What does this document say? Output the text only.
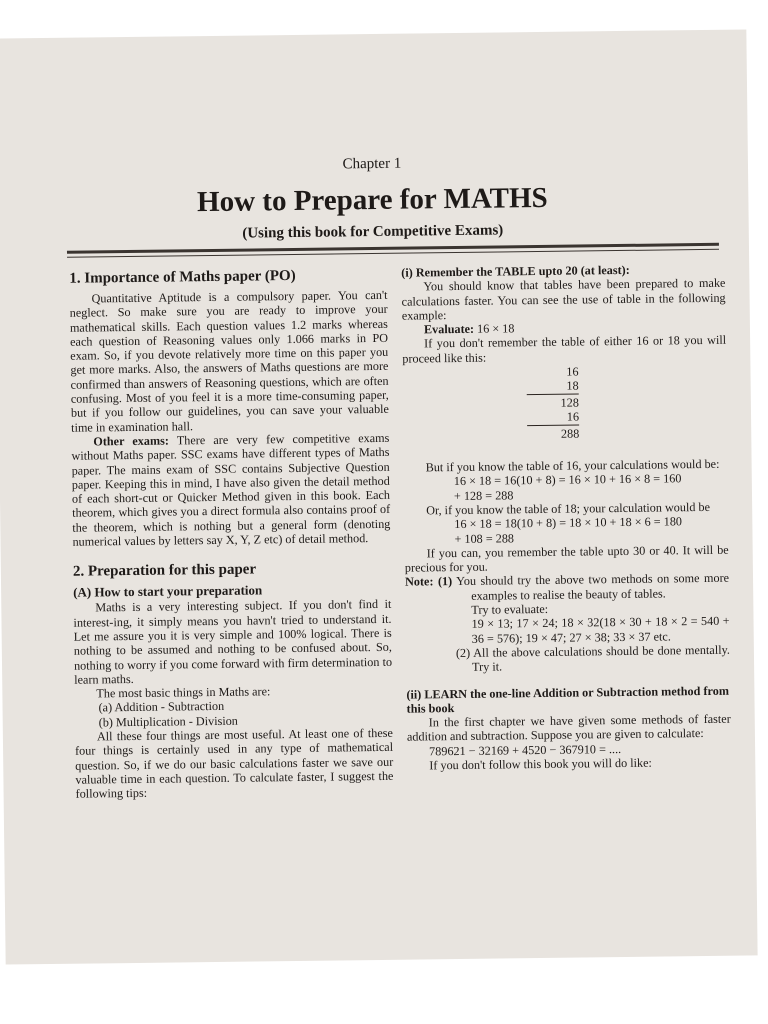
Chapter 1
How to Prepare for MATHS
(Using this book for Competitive Exams)
1. Importance of Maths paper (PO)

Quantitative Aptitude is a compulsory paper. You can't neglect. So make sure you are ready to improve your mathematical skills. Each question values 1.2 marks whereas each question of Reasoning values only 1.066 marks in PO exam. So, if you devote relatively more time on this paper you get more marks. Also, the answers of Maths questions are more confirmed than answers of Reasoning questions, which are often confusing. Most of you feel it is a more time-consuming paper, but if you follow our guidelines, you can save your valuable time in examination hall.

Other exams: There are very few competitive exams without Maths paper. SSC exams have different types of Maths paper. The mains exam of SSC contains Subjective Question paper. Keeping this in mind, I have also given the detail method of each short-cut or Quicker Method given in this book. Each theorem, which gives you a direct formula also contains proof of the theorem, which is nothing but a general form (denoting numerical values by letters say X, Y, Z etc) of detail method.

2. Preparation for this paper
(A) How to start your preparation

Maths is a very interesting subject. If you don't find it interest-ing, it simply means you havn't tried to understand it. Let me assure you it is very simple and 100% logical. There is nothing to be assumed and nothing to be confused about. So, nothing to worry if you come forward with firm determination to learn maths.

The most basic things in Maths are:

(a) Addition - Subtraction
(b) Multiplication - Division

All these four things are most useful. At least one of these four things is certainly used in any type of mathematical question. So, if we do our basic calculations faster we save our valuable time in each question. To calculate faster, I suggest the following tips:

(i) Remember the TABLE upto 20 (at least):

You should know that tables have been prepared to make calculations faster. You can see the use of table in the following example:

Evaluate: 16 × 18

If you don't remember the table of either 16 or 18 you will proceed like this:

16
18
128
16
288

But if you know the table of 16, your calculations would be:

16 × 18 = 16(10 + 8) = 16 × 10 + 16 × 8 = 160
+ 128 = 288

Or, if you know the table of 18; your calculation would be

16 × 18 = 18(10 + 8) = 18 × 10 + 18 × 6 = 180
+ 108 = 288

If you can, you remember the table upto 30 or 40. It will be precious for you.

Note: (1) You should try the above two methods on some more examples to realise the beauty of tables.

Try to evaluate:

19 × 13; 17 × 24; 18 × 32(18 × 30 + 18 × 2 = 540 + 36 = 576); 19 × 47; 27 × 38; 33 × 37 etc.

(2) All the above calculations should be done mentally. Try it.

(ii) LEARN the one-line Addition or Subtraction method from this book

In the first chapter we have given some methods of faster addition and subtraction. Suppose you are given to calculate:

789621 − 32169 + 4520 − 367910 = ....

If you don't follow this book you will do like:
